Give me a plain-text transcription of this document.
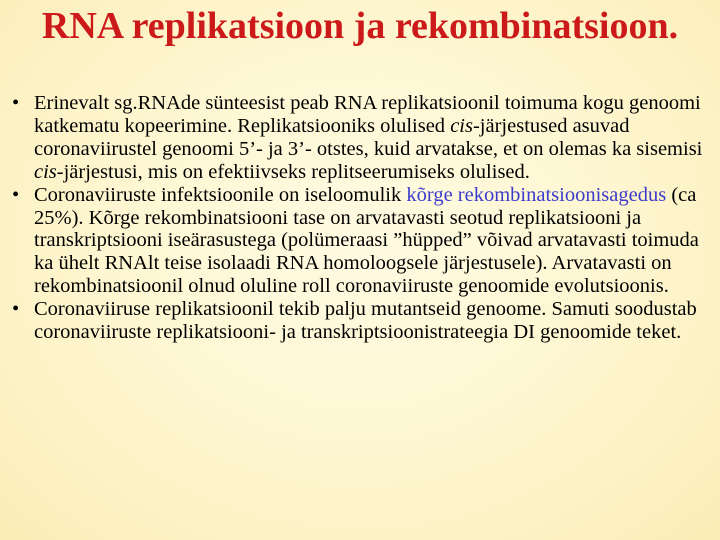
RNA replikatsioon ja rekombinatsioon.
• Erinevalt sg.RNAde sünteesist peab RNA replikatsioonil toimuma kogu genoomi katkematu kopeerimine. Replikatsiooniks olulised cis-järjestused asuvad coronaviirustel genoomi 5’- ja 3’- otstes, kuid arvatakse, et on olemas ka sisemisi cis-järjestusi, mis on efektiivseks replitseerumiseks olulised.
• Coronaviiruste infektsioonile on iseloomulik kõrge rekombinatsioonisagedus (ca 25%). Kõrge rekombinatsiooni tase on arvatavasti seotud replikatsiooni ja transkriptsiooni iseärasustega (polümeraasi ”hüpped” võivad arvatavasti toimuda ka ühelt RNAlt teise isolaadi RNA homoloogsele järjestusele). Arvatavasti on rekombinatsioonil olnud oluline roll coronaviiruste genoomide evolutsioonis.
• Coronaviiruse replikatsioonil tekib palju mutantseid genoome. Samuti soodustab coronaviiruste replikatsiooni- ja transkriptsioonistrateegia DI genoomide teket.
